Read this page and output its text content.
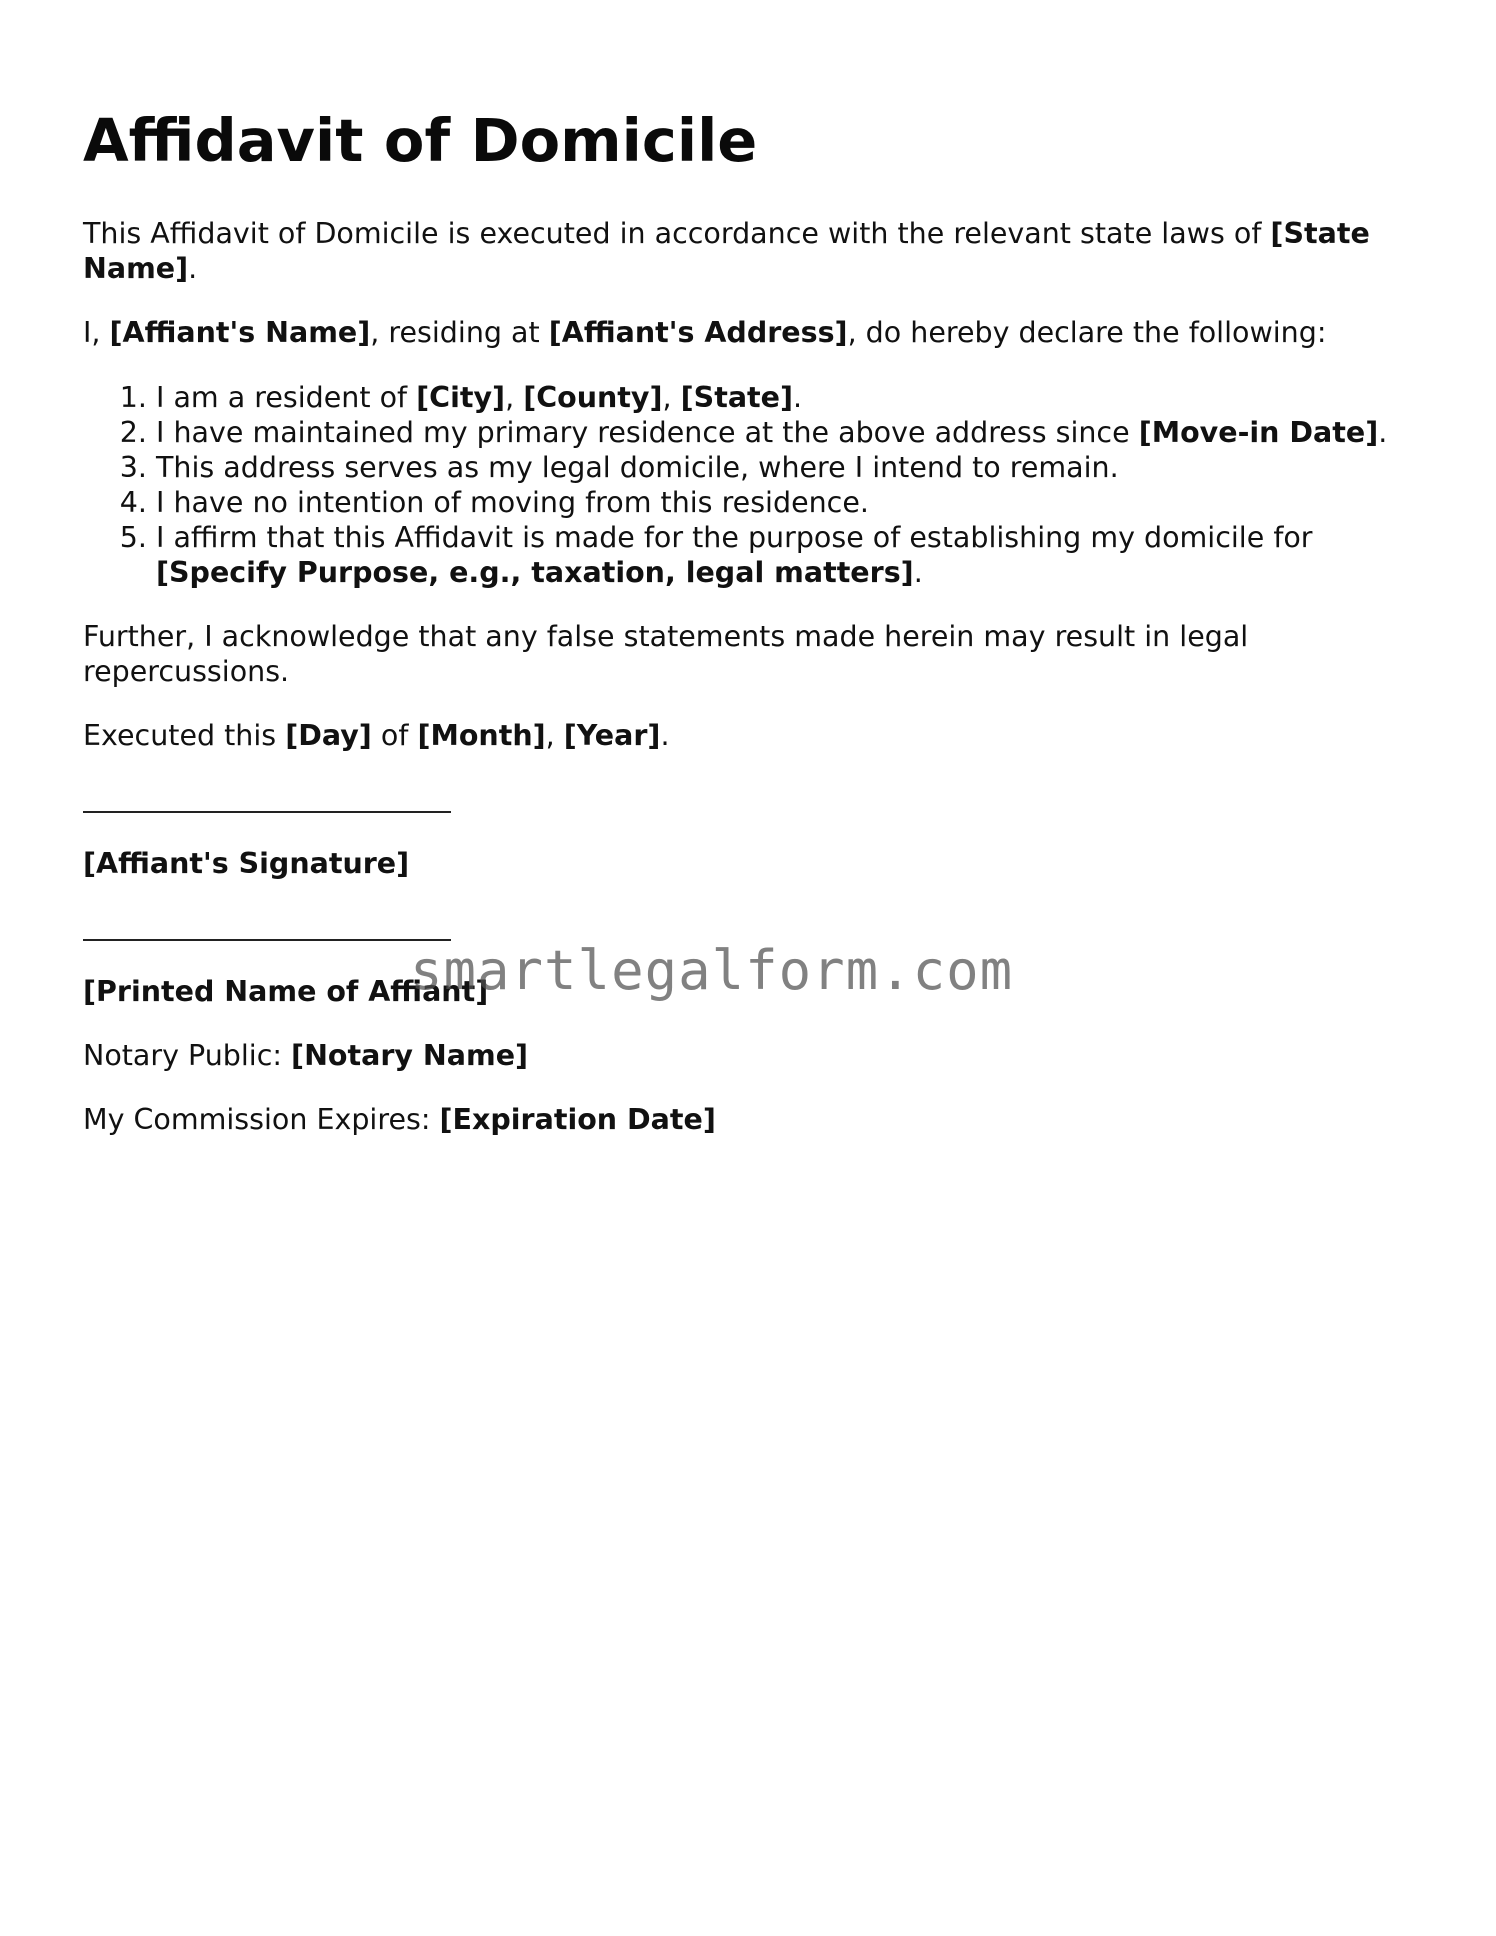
Affidavit of Domicile

This Affidavit of Domicile is executed in accordance with the relevant state laws of [State Name].

I, [Affiant's Name], residing at [Affiant's Address], do hereby declare the following:

1. I am a resident of [City], [County], [State].
2. I have maintained my primary residence at the above address since [Move-in Date].
3. This address serves as my legal domicile, where I intend to remain.
4. I have no intention of moving from this residence.
5. I affirm that this Affidavit is made for the purpose of establishing my domicile for [Specify Purpose, e.g., taxation, legal matters].

Further, I acknowledge that any false statements made herein may result in legal repercussions.

Executed this [Day] of [Month], [Year].

[Affiant's Signature]

[Printed Name of Affiant]

Notary Public: [Notary Name]

My Commission Expires: [Expiration Date]

smartlegalform.com
